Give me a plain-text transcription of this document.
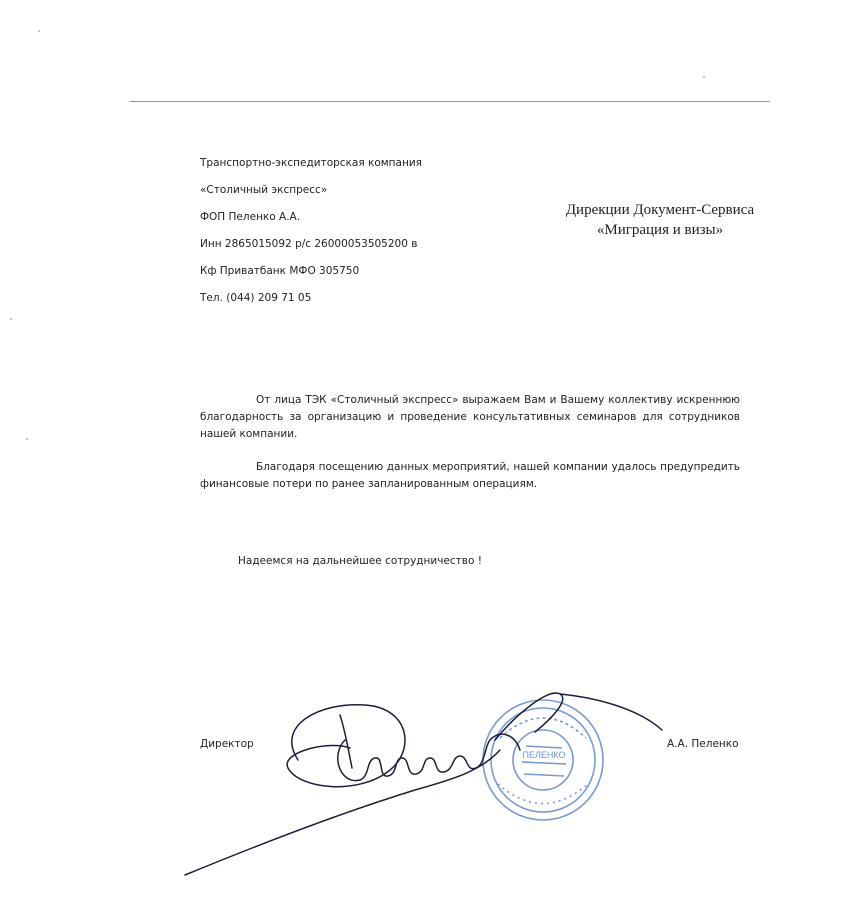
Транспортно-экспедиторская компания
«Столичный экспресс»
ФОП Пеленко А.А.
Инн 2865015092 р/с 26000053505200 в
Кф Приватбанк МФО 305750
Тел. (044) 209 71 05
Дирекции Документ-Сервиса
«Миграция и визы»

От лица ТЭК «Столичный экспресс» выражаем Вам и Вашему коллективу искреннюю благодарность за организацию и проведение консультативных семинаров для сотрудников нашей компании.

Благодаря посещению данных мероприятий, нашей компании удалось предупредить финансовые потери по ранее запланированным операциям.

Надеемся на дальнейшее сотрудничество !
Директор	А.А. Пеленко
ПЕЛЕНКО
